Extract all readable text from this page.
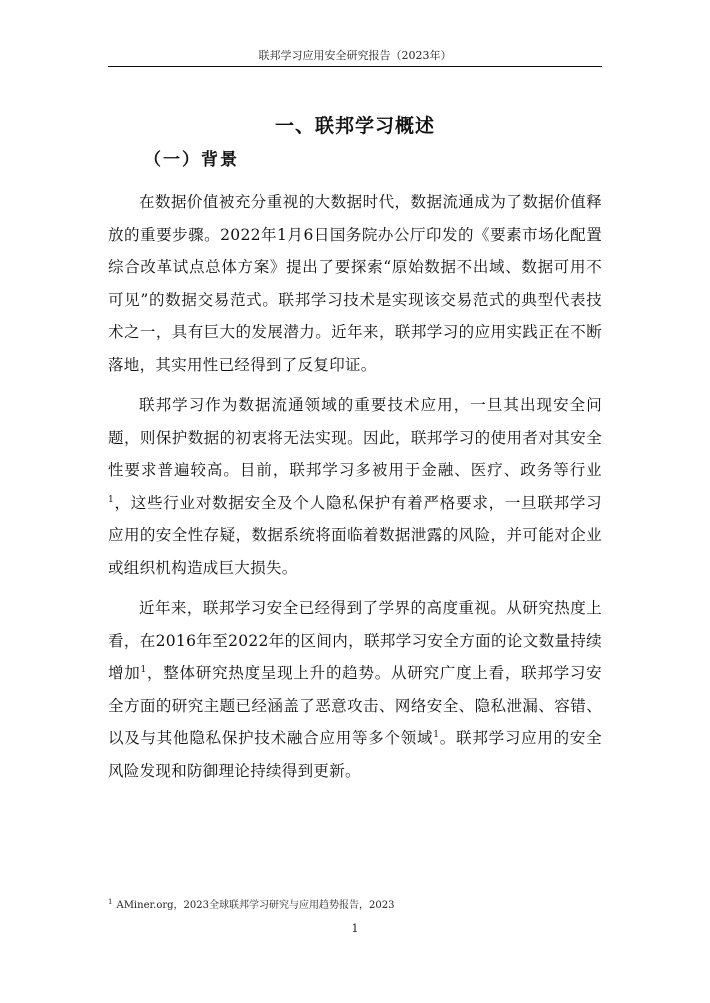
联邦学习应用安全研究报告（2023年）
一、联邦学习概述
（一）背景

在数据价值被充分重视的大数据时代，数据流通成为了数据价值释放的重要步骤。2022年1月6日国务院办公厅印发的《要素市场化配置综合改革试点总体方案》提出了要探索“原始数据不出域、数据可用不可见”的数据交易范式。联邦学习技术是实现该交易范式的典型代表技术之一，具有巨大的发展潜力。近年来，联邦学习的应用实践正在不断落地，其实用性已经得到了反复印证。

联邦学习作为数据流通领域的重要技术应用，一旦其出现安全问题，则保护数据的初衷将无法实现。因此，联邦学习的使用者对其安全性要求普遍较高。目前，联邦学习多被用于金融、医疗、政务等行业$^1$，这些行业对数据安全及个人隐私保护有着严格要求，一旦联邦学习应用的安全性存疑，数据系统将面临着数据泄露的风险，并可能对企业或组织机构造成巨大损失。

近年来，联邦学习安全已经得到了学界的高度重视。从研究热度上看，在2016年至2022年的区间内，联邦学习安全方面的论文数量持续增加$^1$，整体研究热度呈现上升的趋势。从研究广度上看，联邦学习安全方面的研究主题已经涵盖了恶意攻击、网络安全、隐私泄漏、容错、以及与其他隐私保护技术融合应用等多个领域$^1$。联邦学习应用的安全风险发现和防御理论持续得到更新。

$^1$ AMiner.org，2023全球联邦学习研究与应用趋势报告，2023
1
